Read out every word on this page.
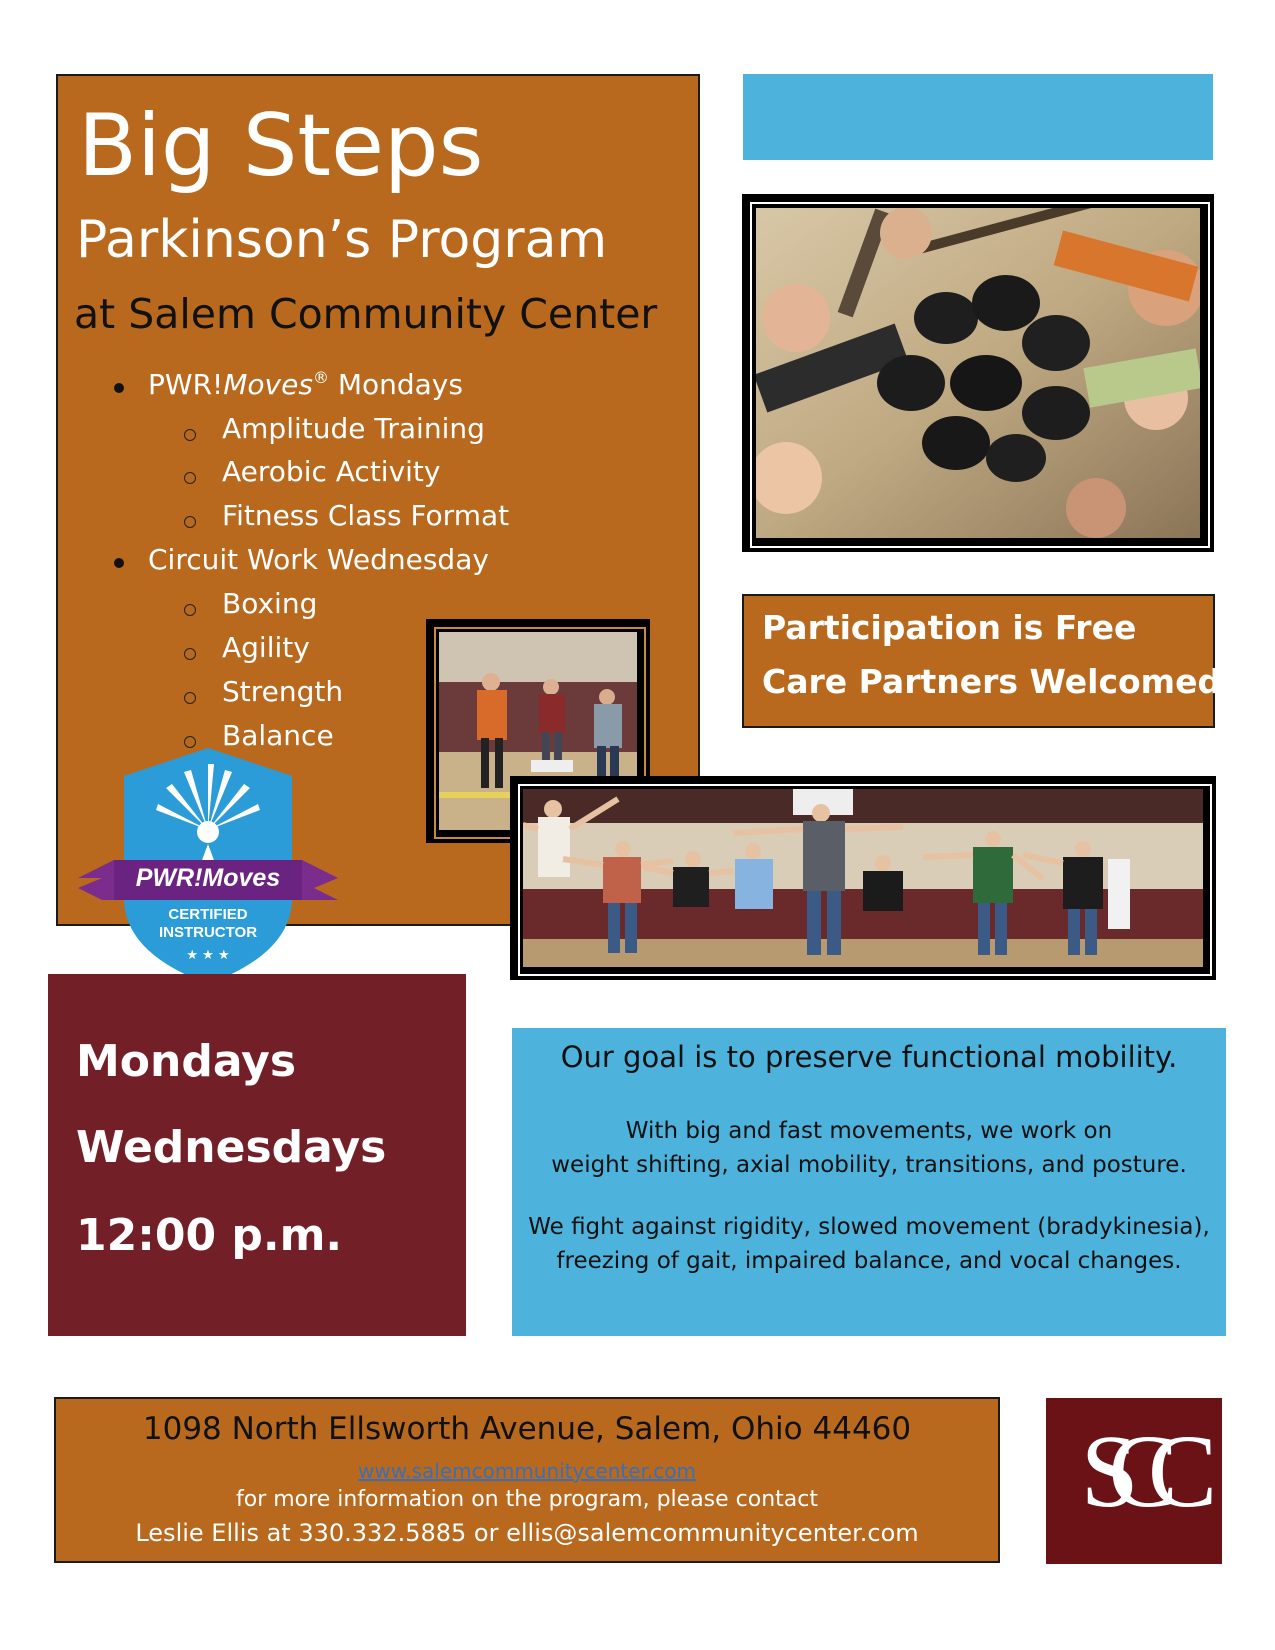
Big Steps
Parkinson’s Program
at Salem Community Center
PWR!Moves® Mondays
Amplitude Training
Aerobic Activity
Fitness Class Format
Circuit Work Wednesday
Boxing
Agility
Strength
Balance
PWR!Moves
CERTIFIED
INSTRUCTOR
★ ★ ★
Participation is Free
Care Partners Welcomed
Mondays
Wednesdays
12:00 p.m.
Our goal is to preserve functional mobility.
With big and fast movements, we work on
weight shifting, axial mobility, transitions, and posture.
We fight against rigidity, slowed movement (bradykinesia),
freezing of gait, impaired balance, and vocal changes.
1098 North Ellsworth Avenue, Salem, Ohio 44460
www.salemcommunitycenter.com
for more information on the program, please contact
Leslie Ellis at 330.332.5885 or ellis@salemcommunitycenter.com
SCC
